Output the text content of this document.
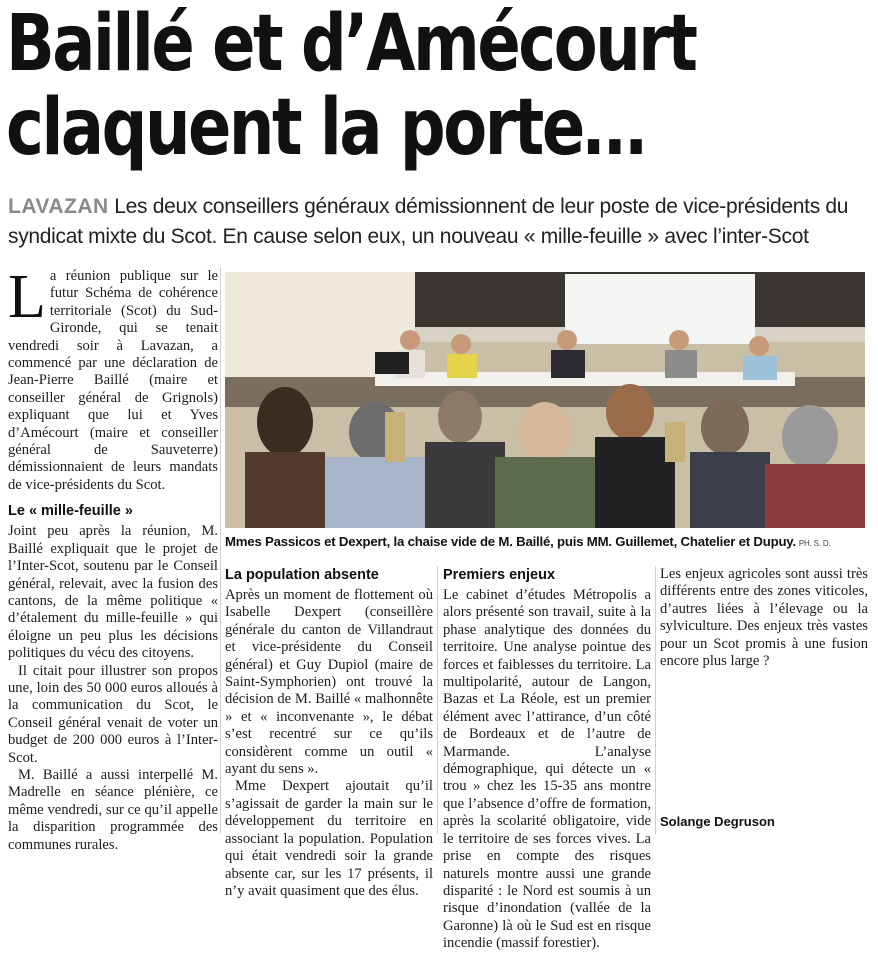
Baillé et d’Amécourt
claquent la porte…
LAVAZAN Les deux conseillers généraux démissionnent de leur poste de vice-présidents du syndicat mixte du Scot. En cause selon eux, un nouveau « mille-feuille » avec l’inter-Scot

La réunion publique sur le futur Schéma de cohérence territoriale (Scot) du Sud-Gironde, qui se tenait vendredi soir à Lavazan, a commencé par une déclaration de Jean-Pierre Baillé (maire et conseiller général de Grignols) expliquant que lui et Yves d’Amécourt (maire et conseiller général de Sauveterre) démissionnaient de leurs mandats de vice-présidents du Scot.

Le « mille-feuille »

Joint peu après la réunion, M. Baillé expliquait que le projet de l’Inter-Scot, soutenu par le Conseil général, relevait, avec la fusion des cantons, de la même politique « d’étalement du mille-feuille » qui éloigne un peu plus les décisions politiques du vécu des citoyens.

Il citait pour illustrer son propos une, loin des 50 000 euros alloués à la communication du Scot, le Conseil général venait de voter un budget de 200 000 euros à l’Inter-Scot.

M. Baillé a aussi interpellé M. Madrelle en séance plénière, ce même vendredi, sur ce qu’il appelle la disparition programmée des communes rurales.

Mmes Passicos et Dexpert, la chaise vide de M. Baillé, puis MM. Guillemet, Chatelier et Dupuy. PH. S. D.
La population absente

Après un moment de flottement où Isabelle Dexpert (conseillère générale du canton de Villandraut et vice-présidente du Conseil général) et Guy Dupiol (maire de Saint-Symphorien) ont trouvé la décision de M. Baillé « malhonnête » et « inconvenante », le débat s’est recentré sur ce qu’ils considèrent comme un outil « ayant du sens ».

Mme Dexpert ajoutait qu’il s’agissait de garder la main sur le développement du territoire en associant la population. Population qui était vendredi soir la grande absente car, sur les 17 présents, il n’y avait quasiment que des élus.

Premiers enjeux

Le cabinet d’études Métropolis a alors présenté son travail, suite à la phase analytique des données du territoire. Une analyse pointue des forces et faiblesses du territoire. La multipolarité, autour de Langon, Bazas et La Réole, est un premier élément avec l’attirance, d’un côté de Bordeaux et de l’autre de Marmande. L’analyse démographique, qui détecte un « trou » chez les 15-35 ans montre que l’absence d’offre de formation, après la scolarité obligatoire, vide le territoire de ses forces vives. La prise en compte des risques naturels montre aussi une grande disparité : le Nord est soumis à un risque d’inondation (vallée de la Garonne) là où le Sud est en risque incendie (massif forestier).

Les enjeux agricoles sont aussi très différents entre des zones viticoles, d’autres liées à l’élevage ou la sylviculture. Des enjeux très vastes pour un Scot promis à une fusion encore plus large ?

Solange Degruson
